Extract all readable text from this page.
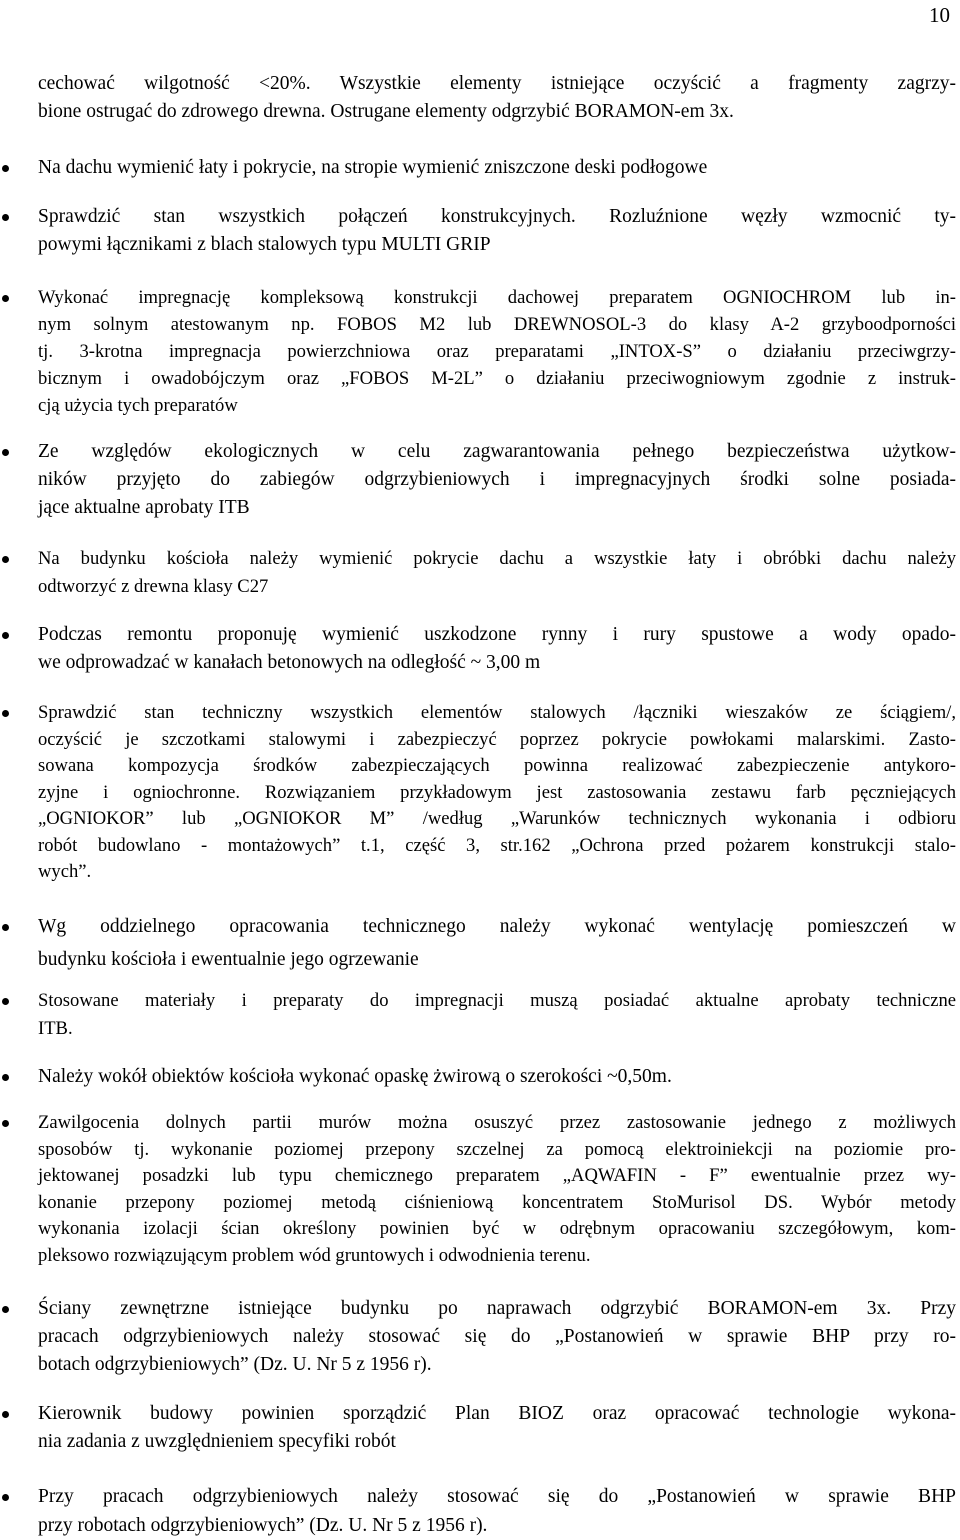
10
cechować wilgotność <20%. Wszystkie elementy istniejące oczyścić a fragmenty zagrzy-
bione ostrugać do zdrowego drewna. Ostrugane elementy odgrzybić BORAMON-em 3x.
Na dachu wymienić łaty i pokrycie, na stropie wymienić zniszczone deski podłogowe
Sprawdzić stan wszystkich połączeń konstrukcyjnych. Rozluźnione węzły wzmocnić ty-
powymi łącznikami z blach stalowych typu MULTI GRIP
Wykonać impregnację kompleksową konstrukcji dachowej preparatem OGNIOCHROM lub in-
nym solnym atestowanym np. FOBOS M2 lub DREWNOSOL-3 do klasy A-2 grzyboodporności
tj. 3-krotna impregnacja powierzchniowa oraz preparatami „INTOX-S” o działaniu przeciwgrzy-
bicznym i owadobójczym oraz „FOBOS M-2L” o działaniu przeciwogniowym zgodnie z instruk-
cją użycia tych preparatów
Ze względów ekologicznych w celu zagwarantowania pełnego bezpieczeństwa użytkow-
ników przyjęto do zabiegów odgrzybieniowych i impregnacyjnych środki solne posiada-
jące aktualne aprobaty ITB
Na budynku kościoła należy wymienić pokrycie dachu a wszystkie łaty i obróbki dachu należy
odtworzyć z drewna klasy C27
Podczas remontu proponuję wymienić uszkodzone rynny i rury spustowe a wody opado-
we odprowadzać w kanałach betonowych na odległość ~ 3,00 m
Sprawdzić stan techniczny wszystkich elementów stalowych /łączniki wieszaków ze ściągiem/,
oczyścić je szczotkami stalowymi i zabezpieczyć poprzez pokrycie powłokami malarskimi. Zasto-
sowana kompozycja środków zabezpieczających powinna realizować zabezpieczenie antykoro-
zyjne i ogniochronne. Rozwiązaniem przykładowym jest zastosowania zestawu farb pęczniejących
„OGNIOKOR” lub „OGNIOKOR M” /według „Warunków technicznych wykonania i odbioru
robót budowlano - montażowych” t.1, część 3, str.162 „Ochrona przed pożarem konstrukcji stalo-
wych”.
Wg oddzielnego opracowania technicznego należy wykonać wentylację pomieszczeń w
budynku kościoła i ewentualnie jego ogrzewanie
Stosowane materiały i preparaty do impregnacji muszą posiadać aktualne aprobaty techniczne
ITB.
Należy wokół obiektów kościoła wykonać opaskę żwirową o szerokości ~0,50m.
Zawilgocenia dolnych partii murów można osuszyć przez zastosowanie jednego z możliwych
sposobów tj. wykonanie poziomej przepony szczelnej za pomocą elektroiniekcji na poziomie pro-
jektowanej posadzki lub typu chemicznego preparatem „AQWAFIN - F” ewentualnie przez wy-
konanie przepony poziomej metodą ciśnieniową koncentratem StoMurisol DS. Wybór metody
wykonania izolacji ścian określony powinien być w odrębnym opracowaniu szczegółowym, kom-
pleksowo rozwiązującym problem wód gruntowych i odwodnienia terenu.
Ściany zewnętrzne istniejące budynku po naprawach odgrzybić BORAMON-em 3x. Przy
pracach odgrzybieniowych należy stosować się do „Postanowień w sprawie BHP przy ro-
botach odgrzybieniowych” (Dz. U. Nr 5 z 1956 r).
Kierownik budowy powinien sporządzić Plan BIOZ oraz opracować technologie wykona-
nia zadania z uwzględnieniem specyfiki robót
Przy pracach odgrzybieniowych należy stosować się do „Postanowień w sprawie BHP
przy robotach odgrzybieniowych” (Dz. U. Nr 5 z 1956 r).
